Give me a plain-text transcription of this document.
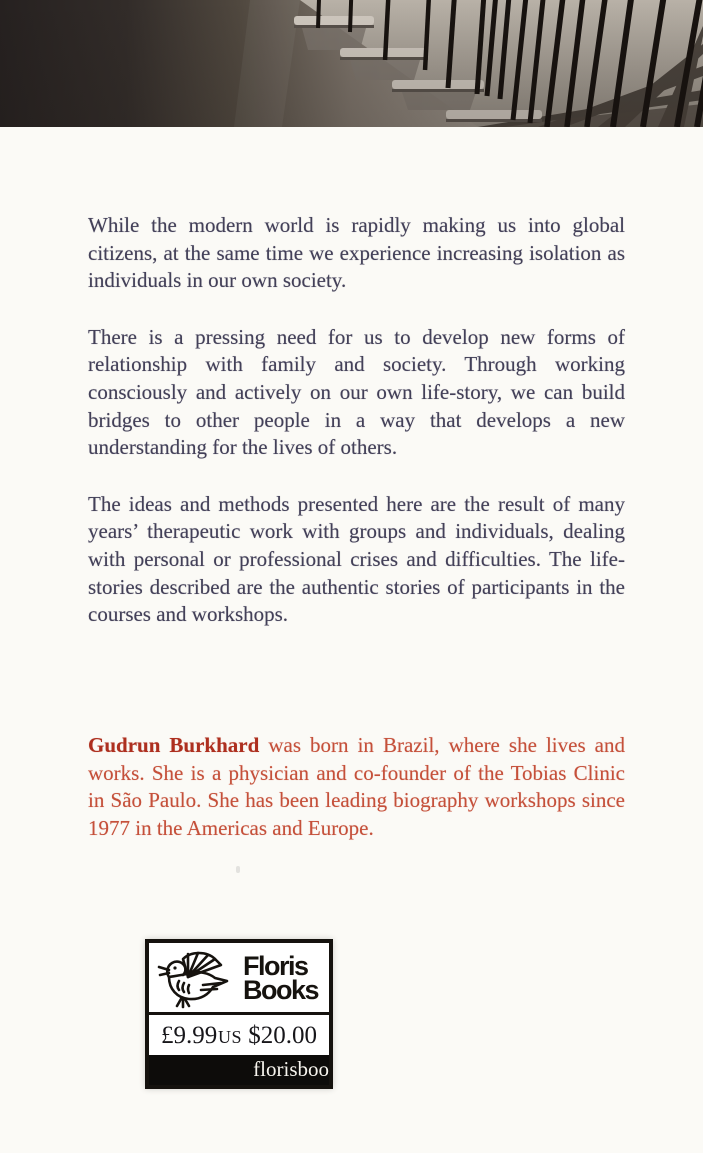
While the modern world is rapidly making us into global citizens, at the same time we experience increasing isolation as individuals in our own society.

There is a pressing need for us to develop new forms of relationship with family and society. Through working consciously and actively on our own life-story, we can build bridges to other people in a way that develops a new understanding for the lives of others.

The ideas and methods presented here are the result of many years’ therapeutic work with groups and individuals, dealing with personal or professional crises and difficulties. The life-stories described are the authentic stories of participants in the courses and workshops.

Gudrun Burkhard was born in Brazil, where she lives and works. She is a physician and co-founder of the Tobias Clinic in São Paulo. She has been leading biography workshops since 1977 in the Americas and Europe.

Floris
Books
£9.99 US $20.00
florisboo
